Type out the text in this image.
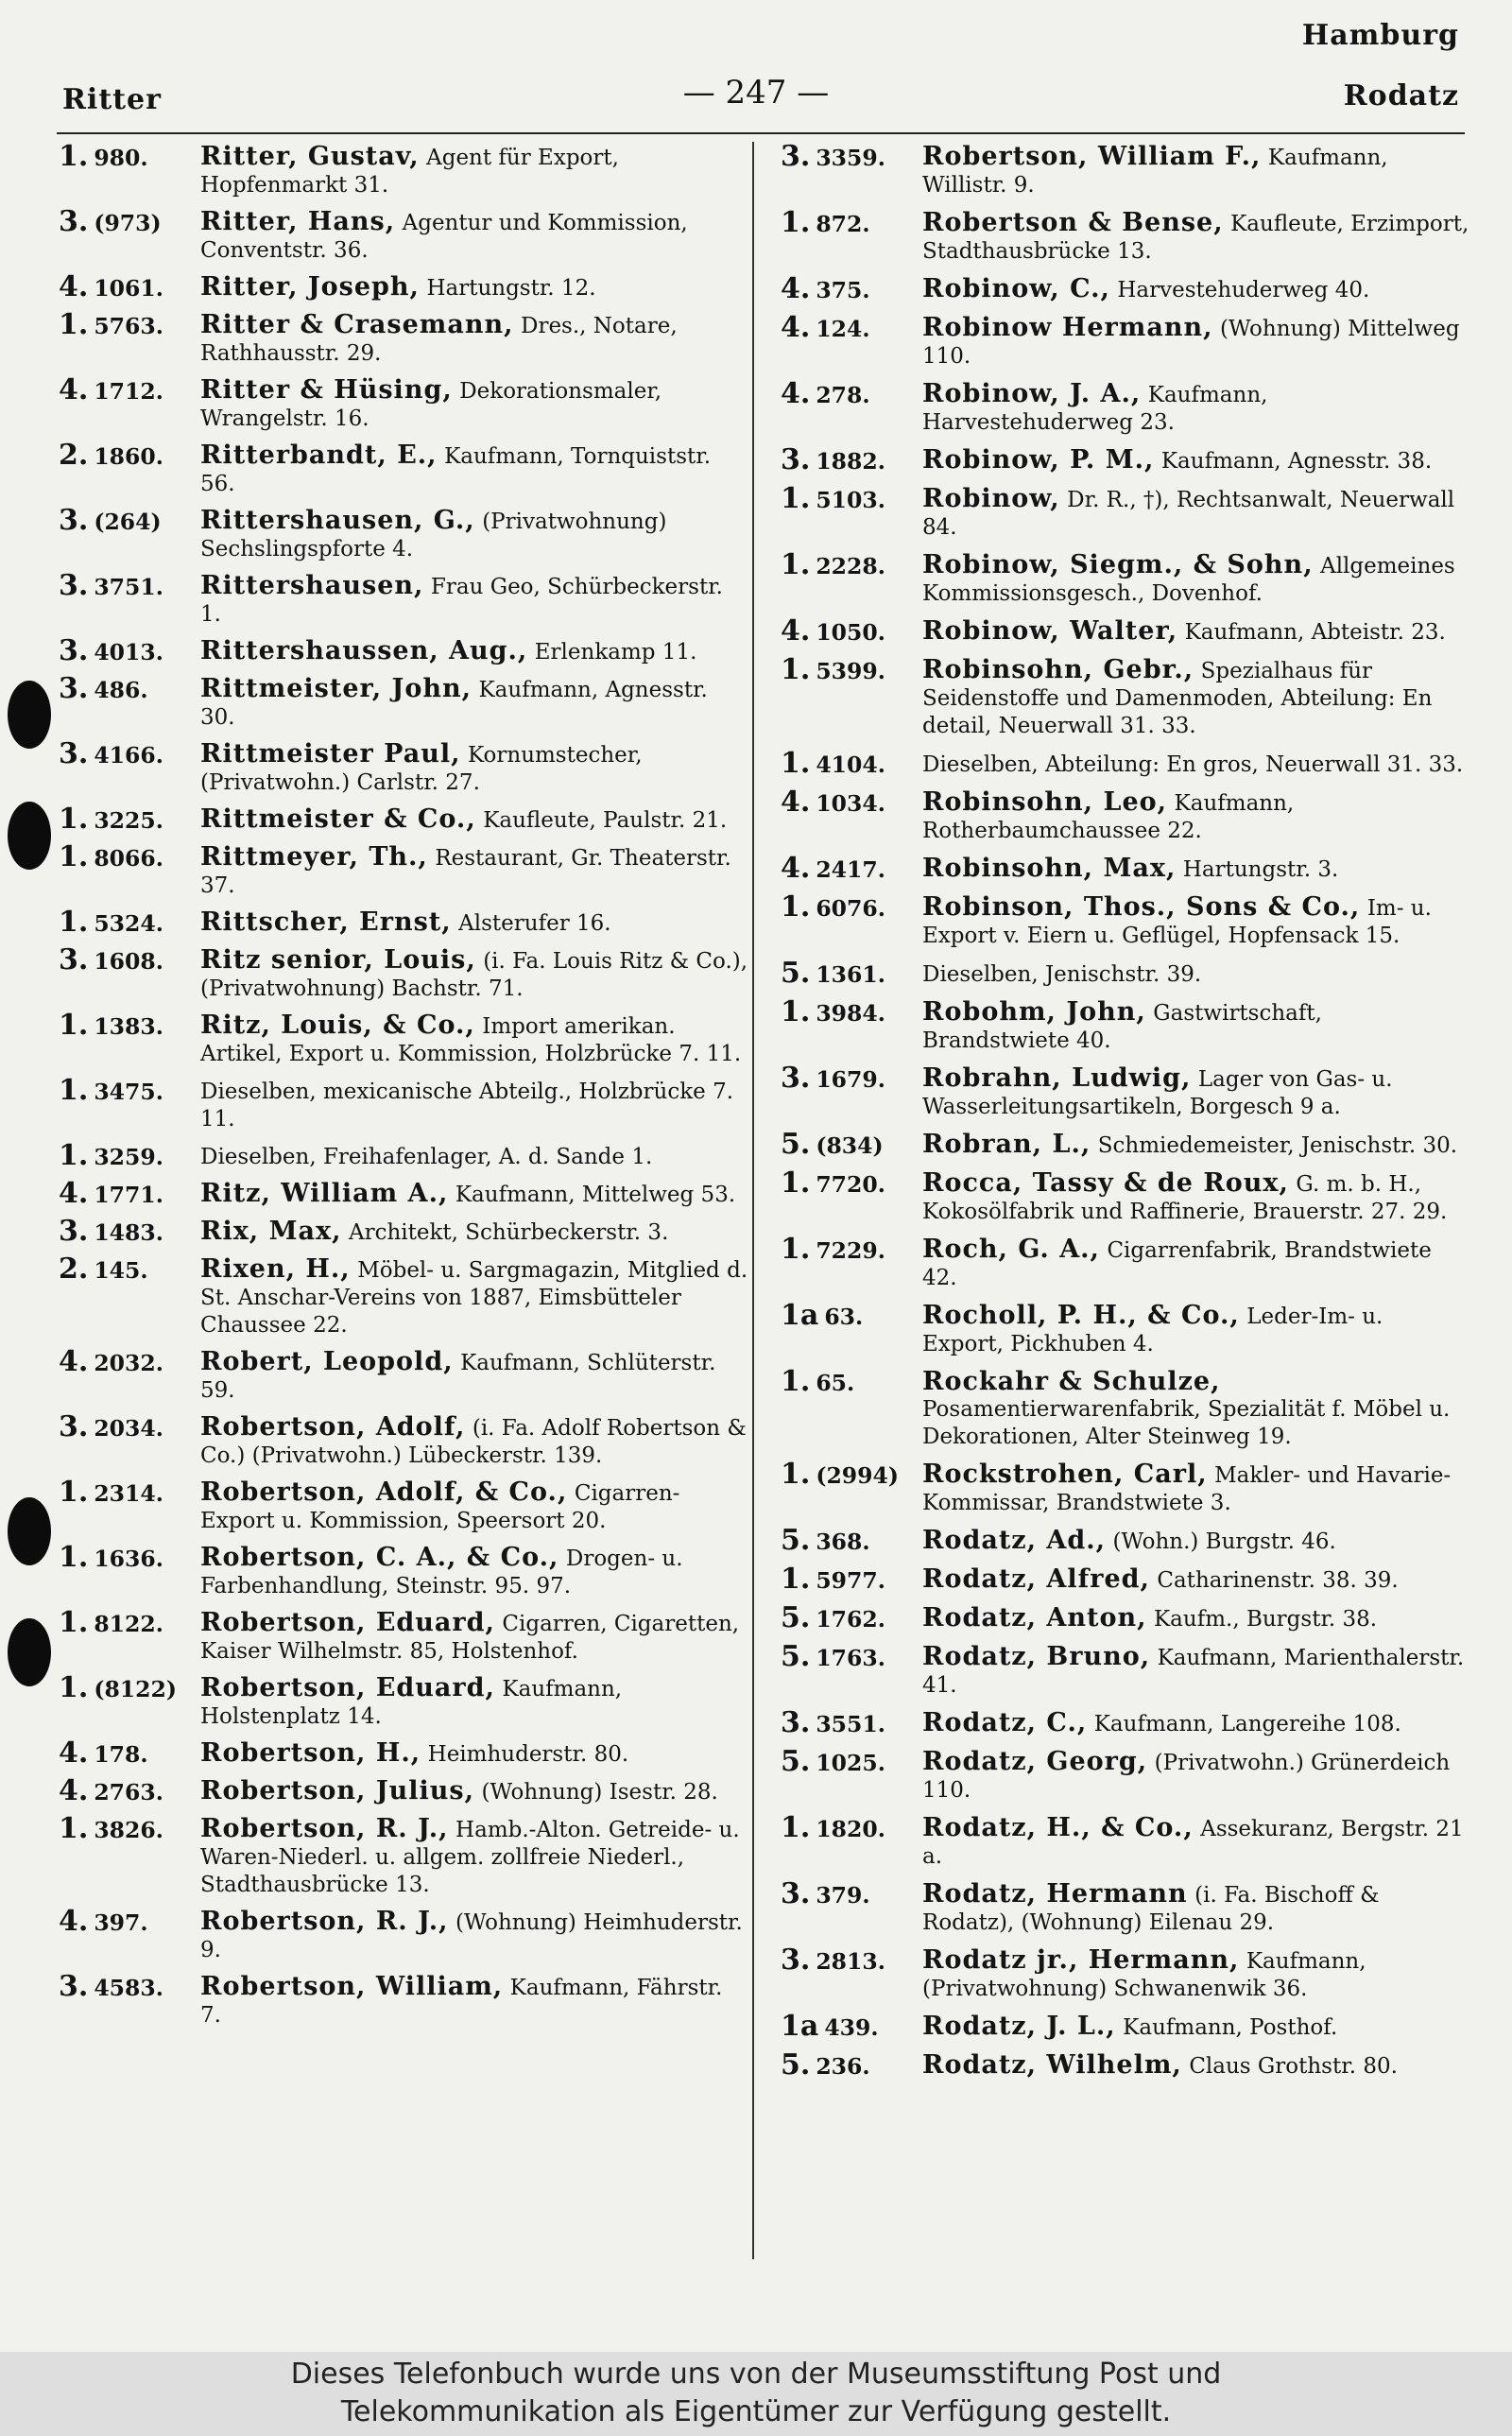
Hamburg
Ritter	— 247 —	Rodatz
1. 980. Ritter, Gustav, Agent für Export, Hopfenmarkt 31.
3. (973) Ritter, Hans, Agentur und Kommission, Conventstr. 36.
4. 1061. Ritter, Joseph, Hartungstr. 12.
1. 5763. Ritter & Crasemann, Dres., Notare, Rathhausstr. 29.
4. 1712. Ritter & Hüsing, Dekorationsmaler, Wrangelstr. 16.
2. 1860. Ritterbandt, E., Kaufmann, Tornquiststr. 56.
3. (264) Rittershausen, G., (Privatwohnung) Sechslingspforte 4.
3. 3751. Rittershausen, Frau Geo, Schürbeckerstr. 1.
3. 4013. Rittershaussen, Aug., Erlenkamp 11.
3. 486. Rittmeister, John, Kaufmann, Agnesstr. 30.
3. 4166. Rittmeister Paul, Kornumstecher, (Privatwohn.) Carlstr. 27.
1. 3225. Rittmeister & Co., Kaufleute, Paulstr. 21.
1. 8066. Rittmeyer, Th., Restaurant, Gr. Theaterstr. 37.
1. 5324. Rittscher, Ernst, Alsterufer 16.
3. 1608. Ritz senior, Louis, (i. Fa. Louis Ritz & Co.), (Privatwohnung) Bachstr. 71.
1. 1383. Ritz, Louis, & Co., Import amerikan. Artikel, Export u. Kommission, Holzbrücke 7. 11.
1. 3475. Dieselben, mexicanische Abteilg., Holzbrücke 7. 11.
1. 3259. Dieselben, Freihafenlager, A. d. Sande 1.
4. 1771. Ritz, William A., Kaufmann, Mittelweg 53.
3. 1483. Rix, Max, Architekt, Schürbeckerstr. 3.
2. 145. Rixen, H., Möbel- u. Sargmagazin, Mitglied d. St. Anschar-Vereins von 1887, Eimsbütteler Chaussee 22.
4. 2032. Robert, Leopold, Kaufmann, Schlüterstr. 59.
3. 2034. Robertson, Adolf, (i. Fa. Adolf Robertson & Co.) (Privatwohn.) Lübeckerstr. 139.
1. 2314. Robertson, Adolf, & Co., Cigarren-Export u. Kommission, Speersort 20.
1. 1636. Robertson, C. A., & Co., Drogen- u. Farbenhandlung, Steinstr. 95. 97.
1. 8122. Robertson, Eduard, Cigarren, Cigaretten, Kaiser Wilhelmstr. 85, Holstenhof.
1. (8122) Robertson, Eduard, Kaufmann, Holstenplatz 14.
4. 178. Robertson, H., Heimhuderstr. 80.
4. 2763. Robertson, Julius, (Wohnung) Isestr. 28.
1. 3826. Robertson, R. J., Hamb.-Alton. Getreide- u. Waren-Niederl. u. allgem. zollfreie Niederl., Stadthausbrücke 13.
4. 397. Robertson, R. J., (Wohnung) Heimhuderstr. 9.
3. 4583. Robertson, William, Kaufmann, Fährstr. 7.
3. 3359. Robertson, William F., Kaufmann, Willistr. 9.
1. 872. Robertson & Bense, Kaufleute, Erzimport, Stadthausbrücke 13.
4. 375. Robinow, C., Harvestehuderweg 40.
4. 124. Robinow Hermann, (Wohnung) Mittelweg 110.
4. 278. Robinow, J. A., Kaufmann, Harvestehuderweg 23.
3. 1882. Robinow, P. M., Kaufmann, Agnesstr. 38.
1. 5103. Robinow, Dr. R., †), Rechtsanwalt, Neuerwall 84.
1. 2228. Robinow, Siegm., & Sohn, Allgemeines Kommissionsgesch., Dovenhof.
4. 1050. Robinow, Walter, Kaufmann, Abteistr. 23.
1. 5399. Robinsohn, Gebr., Spezialhaus für Seidenstoffe und Damenmoden, Abteilung: En detail, Neuerwall 31. 33.
1. 4104. Dieselben, Abteilung: En gros, Neuerwall 31. 33.
4. 1034. Robinsohn, Leo, Kaufmann, Rotherbaumchaussee 22.
4. 2417. Robinsohn, Max, Hartungstr. 3.
1. 6076. Robinson, Thos., Sons & Co., Im- u. Export v. Eiern u. Geflügel, Hopfensack 15.
5. 1361. Dieselben, Jenischstr. 39.
1. 3984. Robohm, John, Gastwirtschaft, Brandstwiete 40.
3. 1679. Robrahn, Ludwig, Lager von Gas- u. Wasserleitungsartikeln, Borgesch 9 a.
5. (834) Robran, L., Schmiedemeister, Jenischstr. 30.
1. 7720. Rocca, Tassy & de Roux, G. m. b. H., Kokosölfabrik und Raffinerie, Brauerstr. 27. 29.
1. 7229. Roch, G. A., Cigarrenfabrik, Brandstwiete 42.
1a 63. Rocholl, P. H., & Co., Leder-Im- u. Export, Pickhuben 4.
1. 65.	Rockahr & Schulze, Posamentierwarenfabrik, Spezialität f. Möbel u. Dekorationen, Alter Steinweg 19.
1. (2994) Rockstrohen, Carl, Makler- und Havarie-Kommissar, Brandstwiete 3.
5. 368. Rodatz, Ad., (Wohn.) Burgstr. 46.
1. 5977. Rodatz, Alfred, Catharinenstr. 38. 39.
5. 1762. Rodatz, Anton, Kaufm., Burgstr. 38.
5. 1763. Rodatz, Bruno, Kaufmann, Marienthalerstr. 41.
3. 3551. Rodatz, C., Kaufmann, Langereihe 108.
5. 1025. Rodatz, Georg, (Privatwohn.) Grünerdeich 110.
1. 1820. Rodatz, H., & Co., Assekuranz, Bergstr. 21 a.
3. 379. Rodatz, Hermann (i. Fa. Bischoff & Rodatz), (Wohnung) Eilenau 29.
3. 2813. Rodatz jr., Hermann, Kaufmann, (Privatwohnung) Schwanenwik 36.
1a 439. Rodatz, J. L., Kaufmann, Posthof.
5. 236. Rodatz, Wilhelm, Claus Grothstr. 80.
Dieses Telefonbuch wurde uns von der Museumsstiftung Post und
Telekommunikation als Eigentümer zur Verfügung gestellt.
